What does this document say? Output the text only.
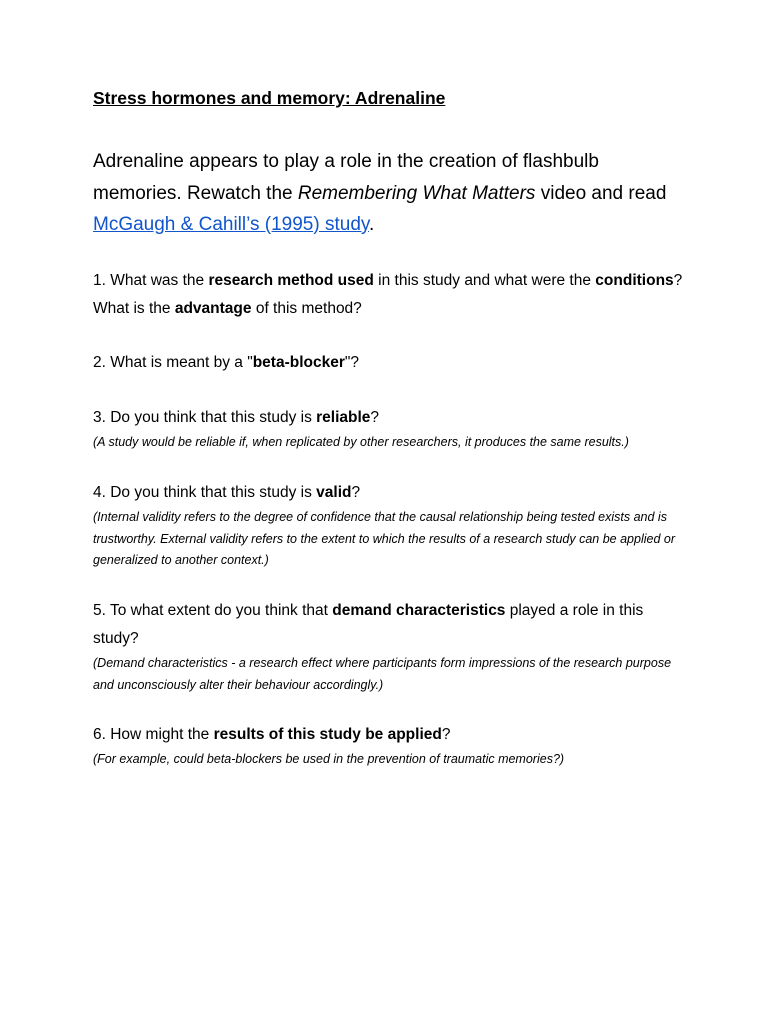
Stress hormones and memory: Adrenaline
Adrenaline appears to play a role in the creation of flashbulb memories. Rewatch the Remembering What Matters video and read McGaugh & Cahill’s (1995) study.
1. What was the research method used in this study and what were the conditions? What is the advantage of this method?
2. What is meant by a "beta-blocker"?
3. Do you think that this study is reliable?
(A study would be reliable if, when replicated by other researchers, it produces the same results.)
4. Do you think that this study is valid?
(Internal validity refers to the degree of confidence that the causal relationship being tested exists and is trustworthy. External validity refers to the extent to which the results of a research study can be applied or generalized to another context.)
5. To what extent do you think that demand characteristics played a role in this study?
(Demand characteristics - a research effect where participants form impressions of the research purpose and unconsciously alter their behaviour accordingly.)
6. How might the results of this study be applied?
(For example, could beta-blockers be used in the prevention of traumatic memories?)
